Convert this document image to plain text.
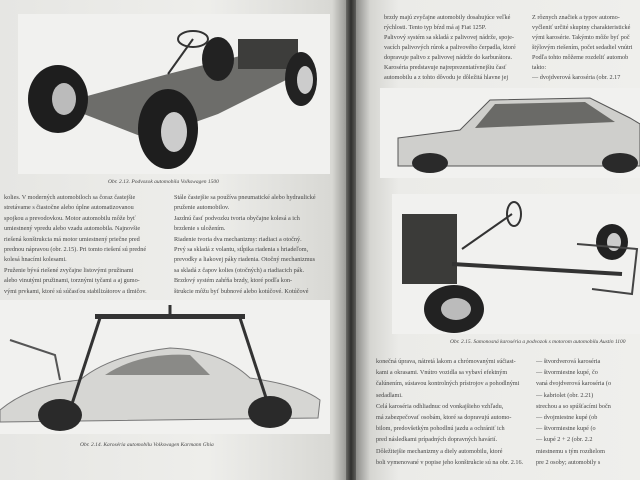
Obr. 2.13. Podvozok automobila Volkswagen 1500
kolies. V moderných automobiloch sa čoraz častejšie
stretávame s čiastočne alebo úplne automatizovanou
spojkou a prevodovkou. Motor automobilu môže byť
umiestnený vpredu alebo vzadu automobila. Najnovšie
riešená konštrukcia má motor umiestnený priečne pred
prednou nápravou (obr. 2.15). Pri tomto riešení sú predné
kolesá hnacími kolesami.
Pruženie bývá riešené zvyčajne listovými pružinami
alebo vinutými pružinami, torznými tyčami a aj gumo-
vými prvkami, ktoré sú súčasťou stabilizátorov a tlmičov.
Stále častejšie sa používa pneumatické alebo hydraulické
pruženie automobilov.
Jazdnú časť podvozku tvoria obyčajne kolesá a ich
brzdenie s uložením.
Riadenie tvoria dva mechanizmy: riadiaci a otočný.
Prvý sa skladá z volantu, stĺpika riadenia s hriadeľom,
prevodky a liakovej páky riadenia. Otočný mechanizmus
sa skladá z čapov kolies (otočných) a riadiacich pák.
Brzdový systém zahŕňa brzdy, ktoré podľa kon-
štrukcie môžu byť bubnové alebo kotúčové. Kotúčové
Obr. 2.14. Karoséria automobilu Volkswagen Karmann Ghia
brzdy majú zvyčajne automobily dosahujúce veľké
rýchlosti. Tento typ bŕzd má aj Fiat 125P.
Palivový systém sa skladá z palivovej nádrže, spoje-
vacích palivových rúrok a palivového čerpadla, ktoré
dopravuje palivo z palivovej nádrže do karburátora.
Karoséria predstavuje najreprezentatívnejšiu časť
automobilu a z tohto dôvodu je dôležitá hlavne jej
Z rôznych značiek a typov automo-
vyčleniť určité skupiny charakteristické
vými karosérie. Takýmto môže byť poč
štýlovým riešením, počet sedadiel vnútri
Podľa tohto môžeme rozdeliť automob
takto:
— dvojdverová karoséria (obr. 2.17
Obr. 2.15. Samonosná karoséria a podvozok s motorom automobilu Austin 1100
konečná úprava, nátretá lakom a chrómovanými súčiast-
kami a okrasami. Vnútro vozidla sa vybaví efektným
čalúnením, sústavou kontrolných prístrojov a pohodlnými
sedadlami.
Celá karoséria odhliadnuc od vonkajšieho vzhľadu,
má zabezpečovať osobám, ktoré sa dopravujú automo-
bilom, predovšetkým pohodlnú jazdu a ochrániť ich
pred následkami prípadných dopravných havárií.
Dôležitejšie mechanizmy a diely automobilu, ktoré
boli vymenované v popise jeho konštrukcie sú na obr. 2.16.
— štvordverová karoséria
— štvormiestne kupé, čo
vaná dvojdverová karoséria (o
— kabriolet (obr. 2.21)
strechou a so spúšťacími bočn
— dvojmiestne kupé (ob
— štvormiestne kupé (o
— kupé 2 + 2 (obr. 2.2
miestnemu s tým rozdielom
pre 2 osoby; automobily s
